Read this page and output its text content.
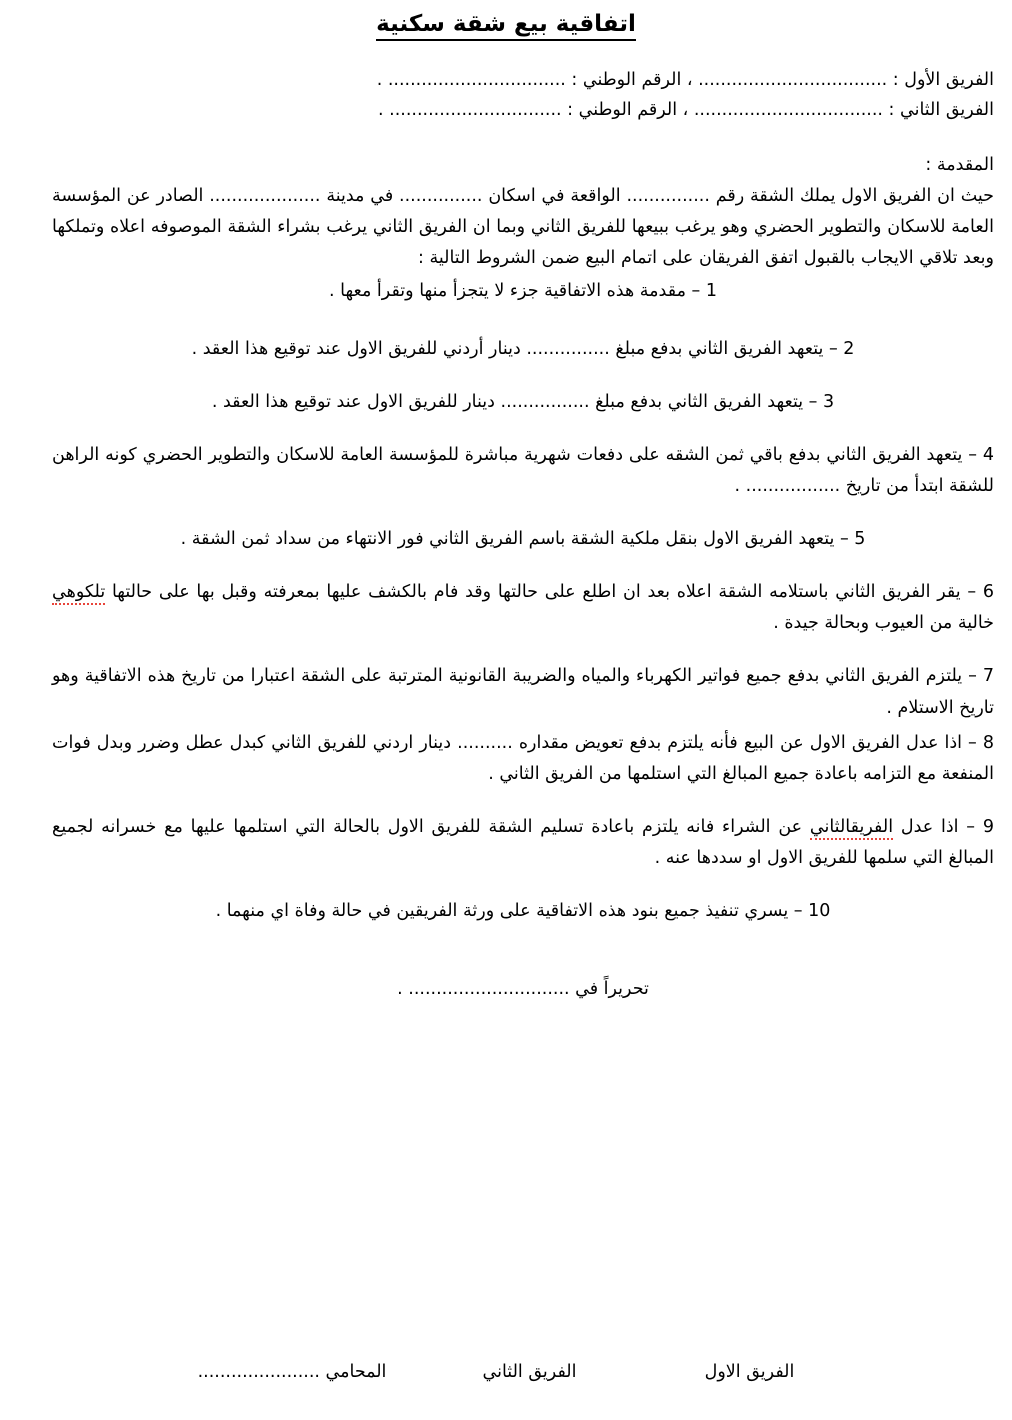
اتفاقية بيع شقة سكنية
الفريق الأول : .................................. ، الرقم الوطني : ................................ .
الفريق الثاني : .................................. ، الرقم الوطني : ............................... .
المقدمة :
حيث ان الفريق الاول يملك الشقة رقم ............... الواقعة في اسكان ............... في مدينة .................... الصادر عن المؤسسة العامة للاسكان والتطوير الحضري وهو يرغب ببيعها للفريق الثاني وبما ان الفريق الثاني يرغب بشراء الشقة الموصوفه اعلاه وتملكها وبعد تلاقي الايجاب بالقبول اتفق الفريقان على اتمام البيع ضمن الشروط التالية :
1 – مقدمة هذه الاتفاقية جزء لا يتجزأ منها وتقرأ معها .
2 – يتعهد الفريق الثاني بدفع مبلغ ............... دينار أردني للفريق الاول عند توقيع هذا العقد .
3 – يتعهد الفريق الثاني بدفع مبلغ ................ دينار للفريق الاول عند توقيع هذا العقد .
4 – يتعهد الفريق الثاني بدفع باقي ثمن الشقه على دفعات شهرية مباشرة للمؤسسة العامة للاسكان والتطوير الحضري كونه الراهن للشقة ابتدأ من تاريخ ................. .
5 – يتعهد الفريق الاول بنقل ملكية الشقة باسم الفريق الثاني فور الانتهاء من سداد ثمن الشقة .
6 – يقر الفريق الثاني باستلامه الشقة اعلاه بعد ان اطلع على حالتها وقد فام بالكشف عليها بمعرفته وقبل بها على حالتها تلكوهي خالية من العيوب وبحالة جيدة .
7 – يلتزم الفريق الثاني بدفع جميع فواتير الكهرباء والمياه والضريبة القانونية المترتبة على الشقة اعتبارا من تاريخ هذه الاتفاقية وهو تاريخ الاستلام .
8 – اذا عدل الفريق الاول عن البيع فأنه يلتزم بدفع تعويض مقداره .......... دينار اردني للفريق الثاني كبدل عطل وضرر وبدل فوات المنفعة مع التزامه باعادة جميع المبالغ التي استلمها من الفريق الثاني .
9 – اذا عدل الفريقالثاني عن الشراء فانه يلتزم باعادة تسليم الشقة للفريق الاول بالحالة التي استلمها عليها مع خسرانه لجميع المبالغ التي سلمها للفريق الاول او سددها عنه .
10 – يسري تنفيذ جميع بنود هذه الاتفاقية على ورثة الفريقين في حالة وفاة اي منهما .
تحريراً في ............................. .
الفريق الاول
الفريق الثاني
المحامي ......................
